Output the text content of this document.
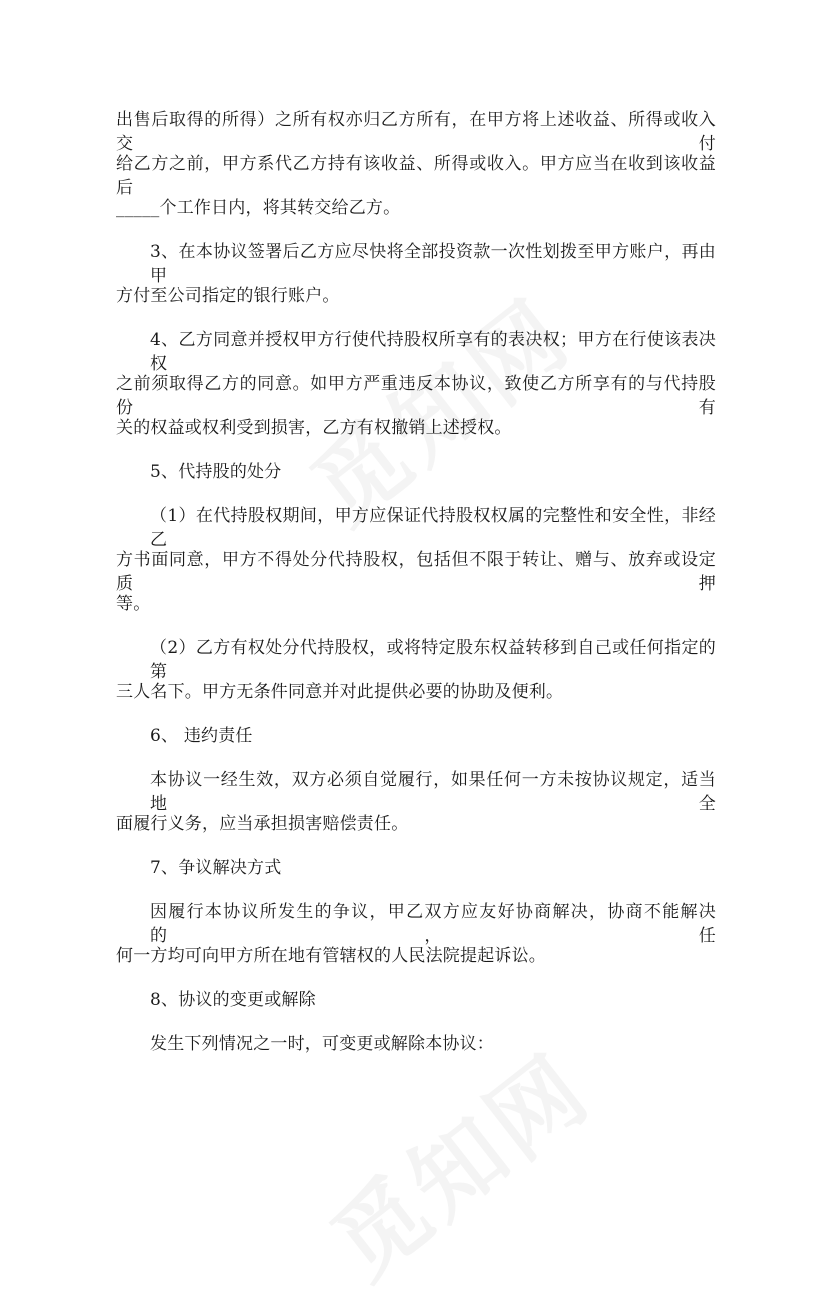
出售后取得的所得）之所有权亦归乙方所有，在甲方将上述收益、所得或收入交付
给乙方之前，甲方系代乙方持有该收益、所得或收入。甲方应当在收到该收益后
_____个工作日内，将其转交给乙方。
3、在本协议签署后乙方应尽快将全部投资款一次性划拨至甲方账户，再由甲
方付至公司指定的银行账户。
4、乙方同意并授权甲方行使代持股权所享有的表决权；甲方在行使该表决权
之前须取得乙方的同意。如甲方严重违反本协议，致使乙方所享有的与代持股份有
关的权益或权利受到损害，乙方有权撤销上述授权。
5、代持股的处分
（1）在代持股权期间，甲方应保证代持股权权属的完整性和安全性，非经乙
方书面同意，甲方不得处分代持股权，包括但不限于转让、赠与、放弃或设定质押
等。
（2）乙方有权处分代持股权，或将特定股东权益转移到自己或任何指定的第
三人名下。甲方无条件同意并对此提供必要的协助及便利。
6、 违约责任
本协议一经生效，双方必须自觉履行，如果任何一方未按协议规定，适当地全
面履行义务，应当承担损害赔偿责任。
7、争议解决方式
因履行本协议所发生的争议，甲乙双方应友好协商解决，协商不能解决的，任
何一方均可向甲方所在地有管辖权的人民法院提起诉讼。
8、协议的变更或解除
发生下列情况之一时，可变更或解除本协议：
